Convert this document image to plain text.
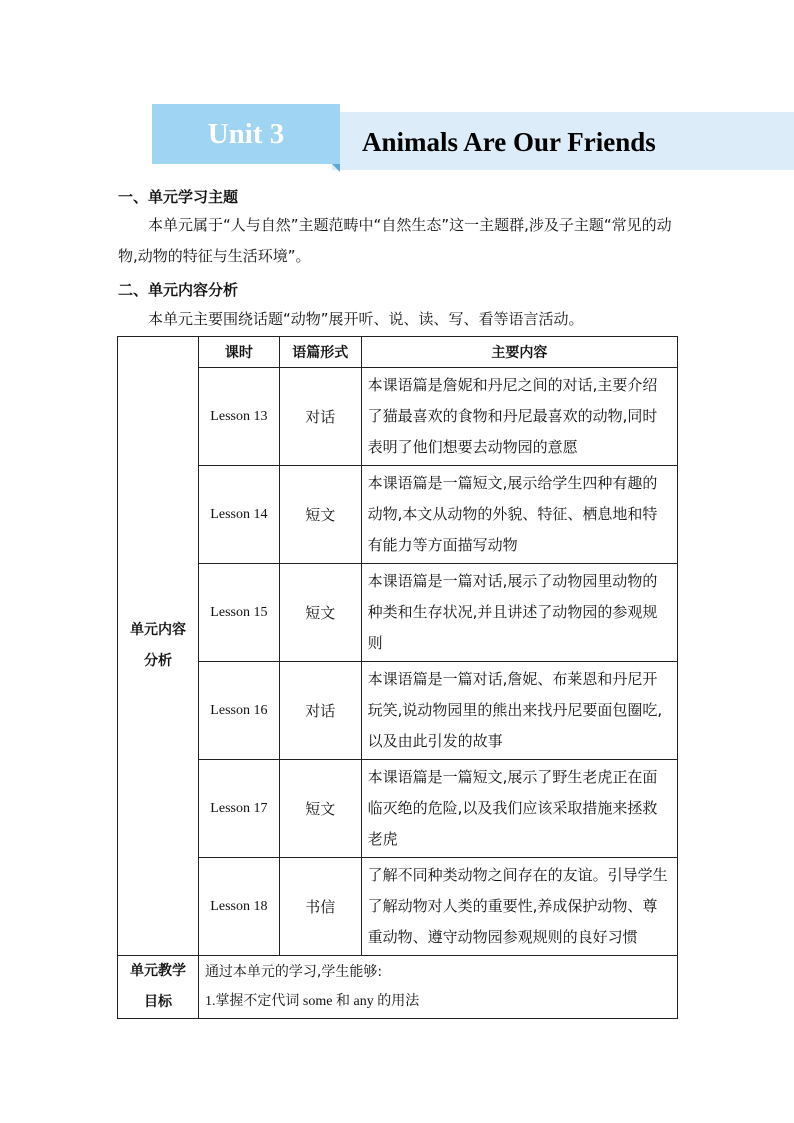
Unit 3	Animals Are Our Friends
一、单元学习主题
本单元属于“人与自然”主题范畴中“自然生态”这一主题群,涉及子主题“常见的动物,动物的特征与生活环境”。
二、单元内容分析
本单元主要围绕话题“动物”展开听、说、读、写、看等语言活动。
单元内容分析	课时	语篇形式	主要内容
	Lesson 13	对话	本课语篇是詹妮和丹尼之间的对话,主要介绍了猫最喜欢的食物和丹尼最喜欢的动物,同时表明了他们想要去动物园的意愿
	Lesson 14	短文	本课语篇是一篇短文,展示给学生四种有趣的动物,本文从动物的外貌、特征、栖息地和特有能力等方面描写动物
	Lesson 15	短文	本课语篇是一篇对话,展示了动物园里动物的种类和生存状况,并且讲述了动物园的参观规则
	Lesson 16	对话	本课语篇是一篇对话,詹妮、布莱恩和丹尼开玩笑,说动物园里的熊出来找丹尼要面包圈吃,以及由此引发的故事
	Lesson 17	短文	本课语篇是一篇短文,展示了野生老虎正在面临灭绝的危险,以及我们应该采取措施来拯救老虎
	Lesson 18	书信	了解不同种类动物之间存在的友谊。引导学生了解动物对人类的重要性,养成保护动物、尊重动物、遵守动物园参观规则的良好习惯
单元教学目标	通过本单元的学习,学生能够:
1.掌握不定代词 some 和 any 的用法		
